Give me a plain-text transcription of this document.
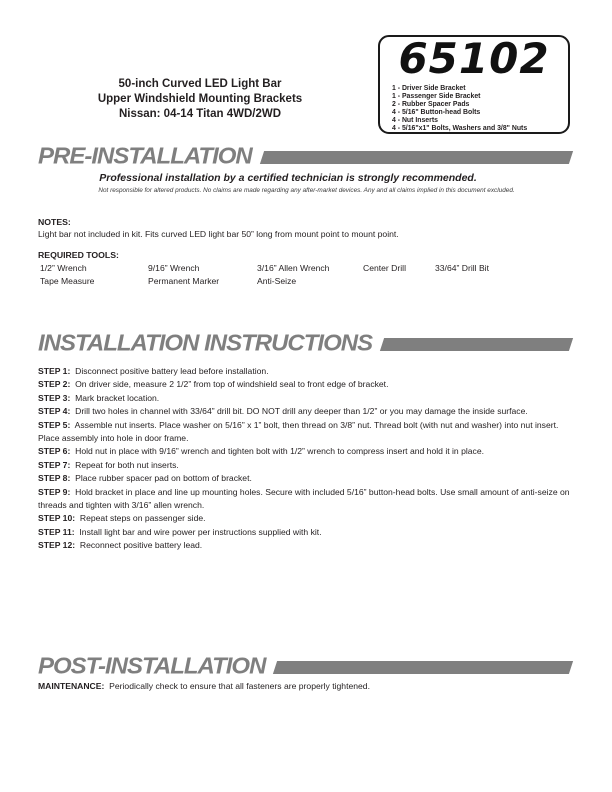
65102
1 - Driver Side Bracket
1 - Passenger Side Bracket
2 - Rubber Spacer Pads
4 - 5/16" Button-head Bolts
4 - Nut Inserts
4 - 5/16"x1" Bolts, Washers and 3/8" Nuts
50-inch Curved LED Light Bar
Upper Windshield Mounting Brackets
Nissan: 04-14 Titan 4WD/2WD
PRE-INSTALLATION
Professional installation by a certified technician is strongly recommended.
Not responsible for altered products. No claims are made regarding any after-market devices. Any and all claims implied in this document excluded.
NOTES:
Light bar not included in kit. Fits curved LED light bar 50” long from mount point to mount point.
REQUIRED TOOLS:
1/2” Wrench	9/16” Wrench	3/16” Allen Wrench	Center Drill	33/64” Drill Bit
Tape Measure	Permanent Marker	Anti-Seize
INSTALLATION INSTRUCTIONS

STEP 1: Disconnect positive battery lead before installation.

STEP 2: On driver side, measure 2 1/2” from top of windshield seal to front edge of bracket.

STEP 3: Mark bracket location.

STEP 4: Drill two holes in channel with 33/64” drill bit. DO NOT drill any deeper than 1/2” or you may damage the inside surface.

STEP 5: Assemble nut inserts. Place washer on 5/16” x 1” bolt, then thread on 3/8” nut. Thread bolt (with nut and washer) into nut insert. Place assembly into hole in door frame.

STEP 6: Hold nut in place with 9/16” wrench and tighten bolt with 1/2” wrench to compress insert and hold it in place.

STEP 7: Repeat for both nut inserts.

STEP 8: Place rubber spacer pad on bottom of bracket.

STEP 9: Hold bracket in place and line up mounting holes. Secure with included 5/16” button-head bolts. Use small amount of anti-seize on threads and tighten with 3/16” allen wrench.

STEP 10: Repeat steps on passenger side.

STEP 11: Install light bar and wire power per instructions supplied with kit.

STEP 12: Reconnect positive battery lead.

POST-INSTALLATION

MAINTENANCE: Periodically check to ensure that all fasteners are properly tightened.
